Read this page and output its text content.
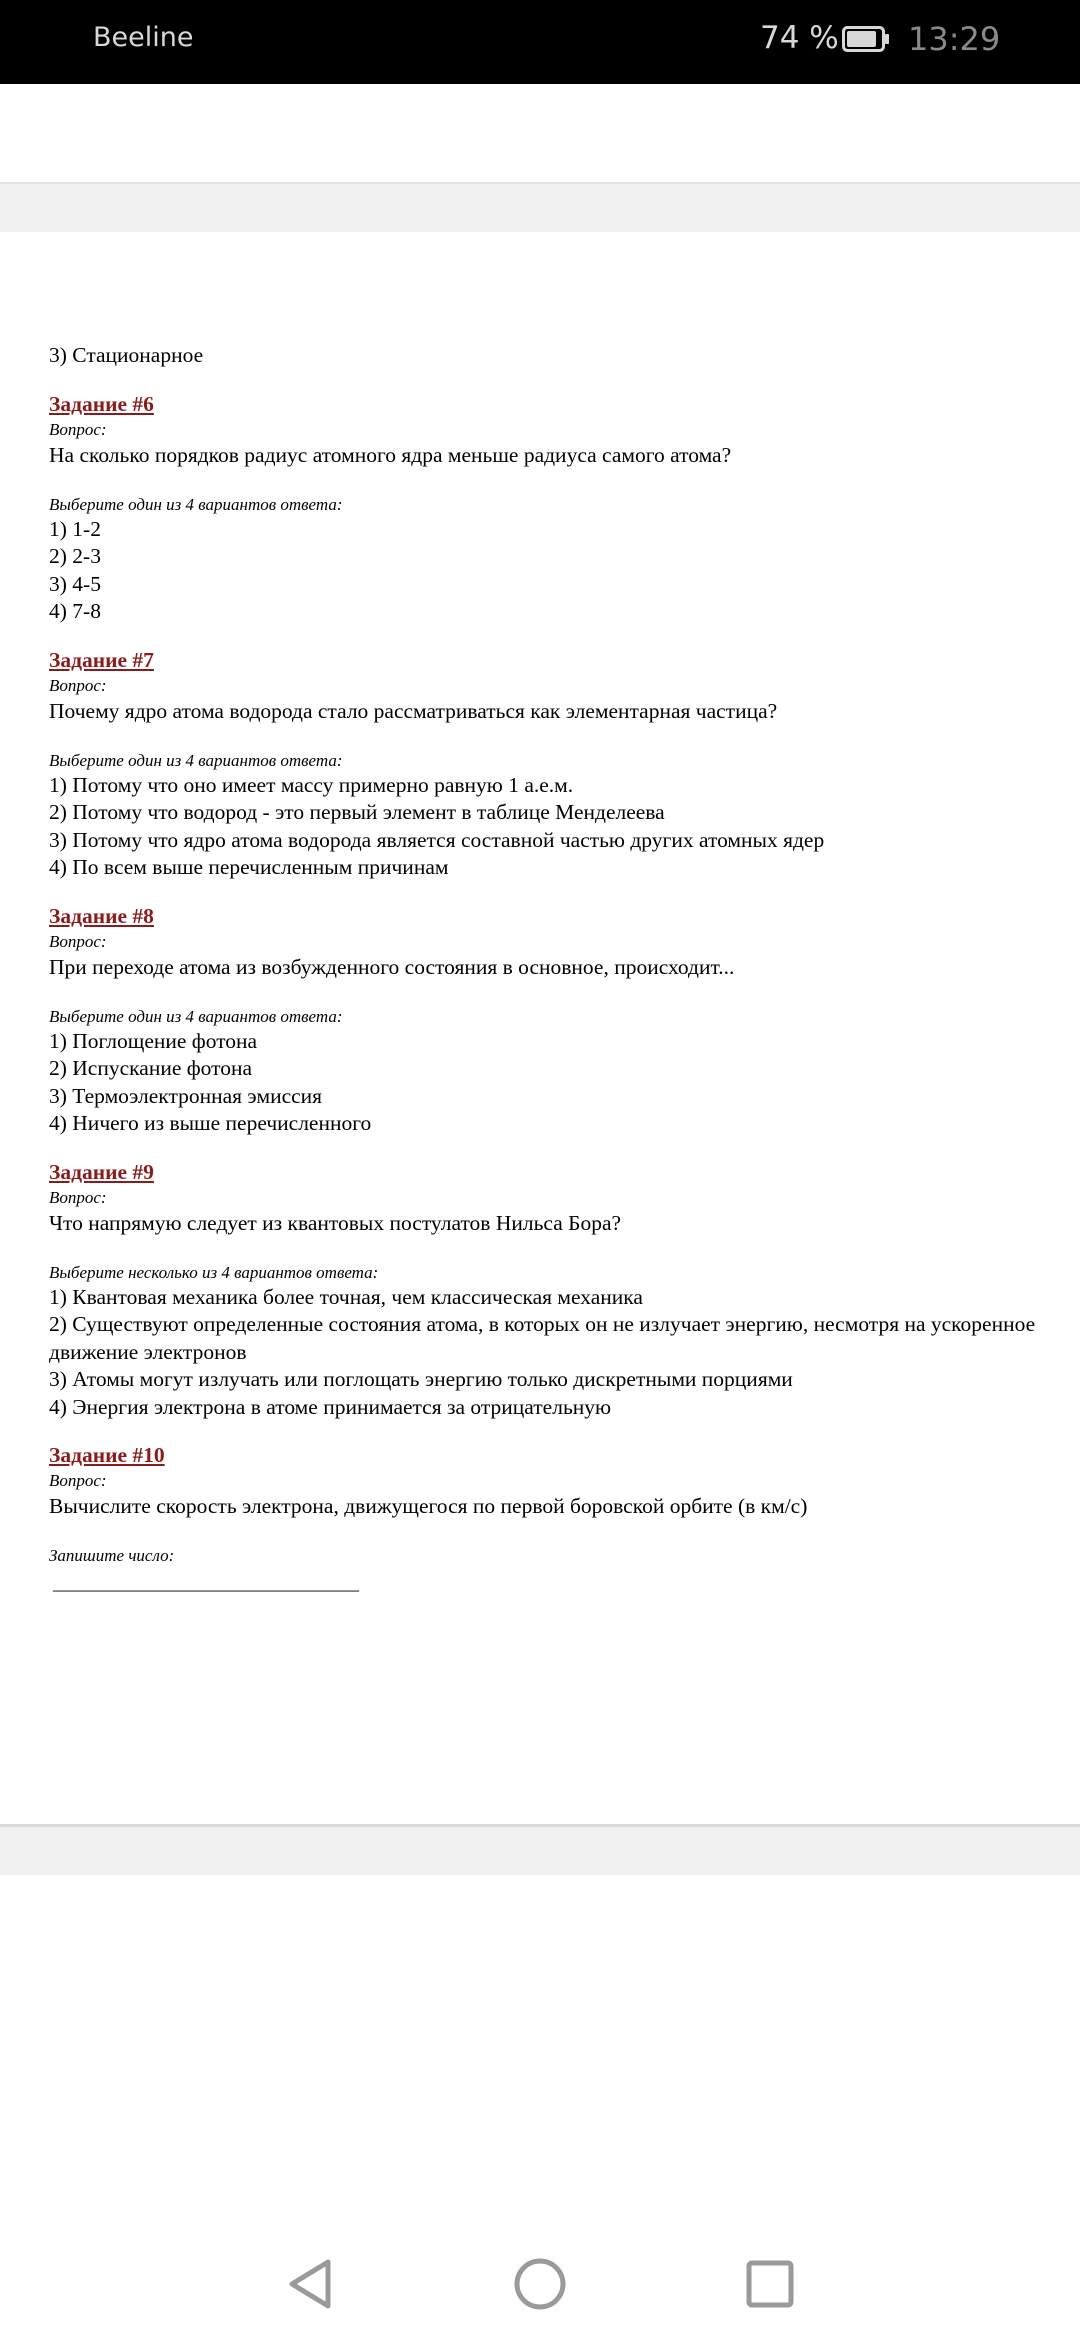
Beeline	74 % 13:29
3) Стационарное
Задание #6
Вопрос:
На сколько порядков радиус атомного ядра меньше радиуса самого атома?
Выберите один из 4 вариантов ответа:
1) 1-2
2) 2-3
3) 4-5
4) 7-8
Задание #7
Вопрос:
Почему ядро атома водорода стало рассматриваться как элементарная частица?
Выберите один из 4 вариантов ответа:
1) Потому что оно имеет массу примерно равную 1 а.е.м.
2) Потому что водород - это первый элемент в таблице Менделеева
3) Потому что ядро атома водорода является составной частью других атомных ядер
4) По всем выше перечисленным причинам
Задание #8
Вопрос:
При переходе атома из возбужденного состояния в основное, происходит...
Выберите один из 4 вариантов ответа:
1) Поглощение фотона
2) Испускание фотона
3) Термоэлектронная эмиссия
4) Ничего из выше перечисленного
Задание #9
Вопрос:
Что напрямую следует из квантовых постулатов Нильса Бора?
Выберите несколько из 4 вариантов ответа:
1) Квантовая механика более точная, чем классическая механика
2) Существуют определенные состояния атома, в которых он не излучает энергию, несмотря на ускоренное движение электронов
3) Атомы могут излучать или поглощать энергию только дискретными порциями
4) Энергия электрона в атоме принимается за отрицательную
Задание #10
Вопрос:
Вычислите скорость электрона, движущегося по первой боровской орбите (в км/с)
Запишите число:
__________________________________
